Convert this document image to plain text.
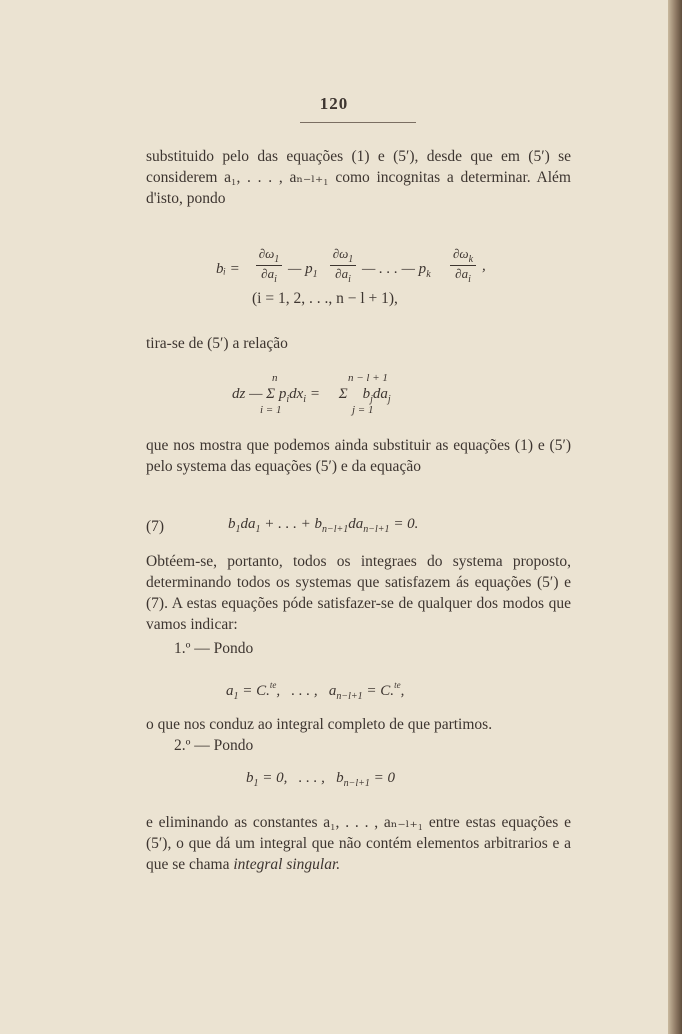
120
substituido pelo das equações (1) e (5′), desde que em (5′) se considerem a₁, . . . , aₙ₋ₗ₊₁ como incognitas a determinar. Além d'isto, pondo
bᵢ =
$\partial\omega_1$
$\partial a_i$
— $p_1$
$\partial\omega_1$
$\partial a_i$
— . . . — $p_k$
$\partial\omega_k$
$\partial a_i$
,
(i = 1, 2, . . ., n − l + 1),
tira-se de (5′) a relação
n	n − l + 1
dz — Σ $p_idx_i$ =     Σ    $b_jda_j$
i = 1	j = 1
que nos mostra que podemos ainda substituir as equações (1) e (5′) pelo systema das equações (5′) e da equação
(7)	$b_1da_1$ + . . . + $b_{n-l+1}da_{n-l+1} = 0$.
Obtéem-se, portanto, todos os integraes do systema proposto, determinando todos os systemas que satisfazem ás equações (5′) e (7). A estas equações póde satisfazer-se de qualquer dos modos que vamos indicar:
1.º — Pondo
$a_1 = C.^{te}$,   . . . ,   $a_{n-l+1} = C.^{te}$,
o que nos conduz ao integral completo de que partimos.
2.º — Pondo
$b_1 = 0$,   . . . ,   $b_{n-l+1} = 0$
e eliminando as constantes a₁, . . . , aₙ₋ₗ₊₁ entre estas equações e (5′), o que dá um integral que não contém elementos arbitrarios e a que se chama integral singular.
